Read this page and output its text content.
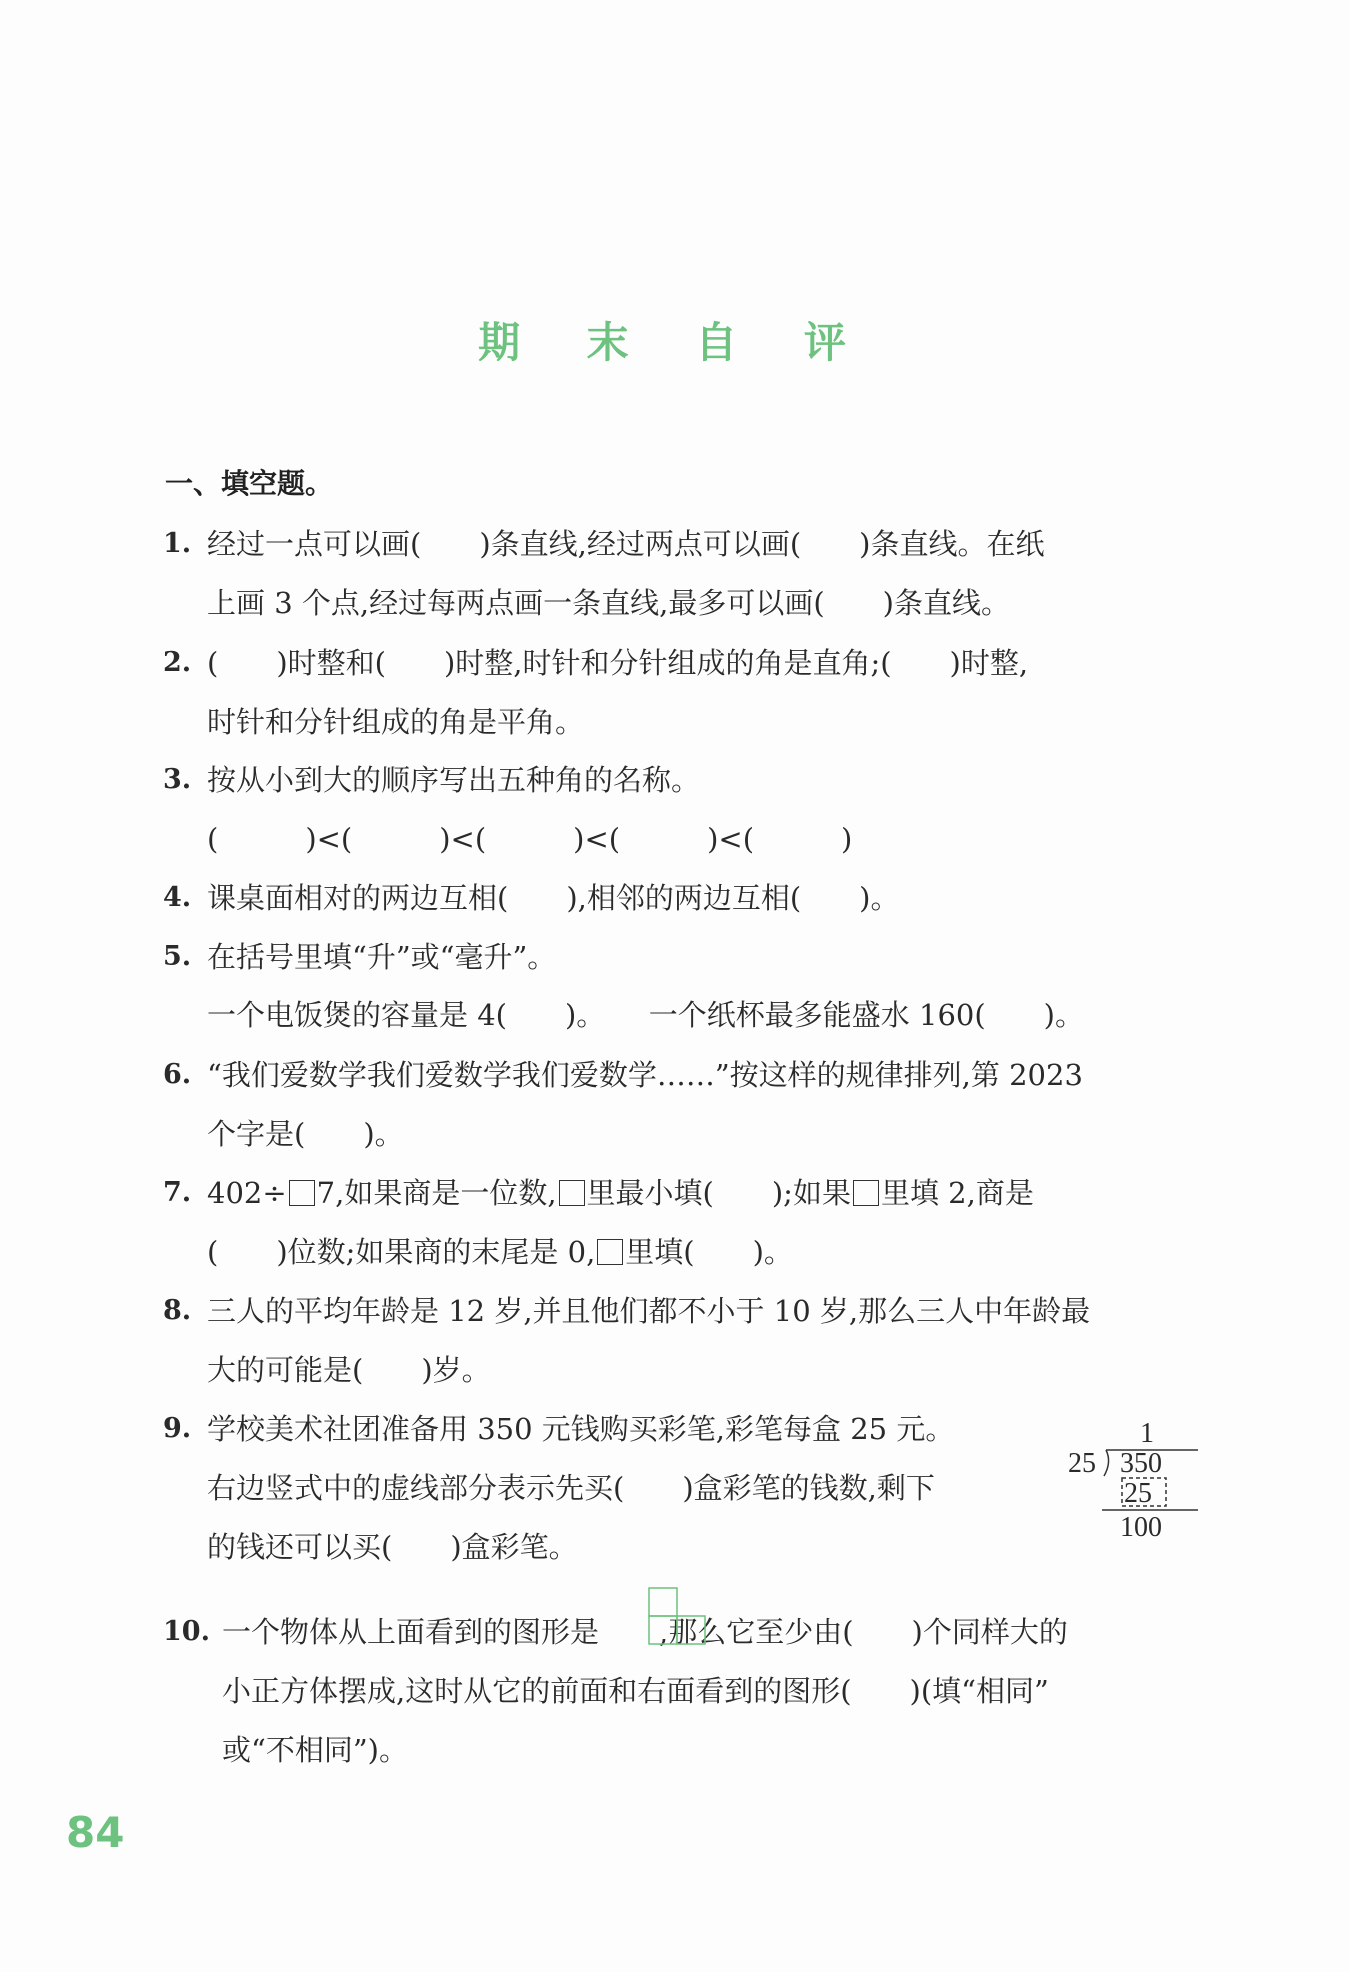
期 末 自 评
一、填空题。
1. 经过一点可以画(　　)条直线,经过两点可以画(　　)条直线。在纸
上画 3 个点,经过每两点画一条直线,最多可以画(　　)条直线。
2. (　　)时整和(　　)时整,时针和分针组成的角是直角;(　　)时整,
时针和分针组成的角是平角。
3. 按从小到大的顺序写出五种角的名称。
(　　　)<(　　　)<(　　　)<(　　　)<(　　　)
4. 课桌面相对的两边互相(　　),相邻的两边互相(　　)。
5. 在括号里填“升”或“毫升”。
一个电饭煲的容量是 4(　　)。　　一个纸杯最多能盛水 160(　　)。
6. “我们爱数学我们爱数学我们爱数学……”按这样的规律排列,第 2023
个字是(　　)。
7. 402÷ 7,如果商是一位数, 里最小填(　　);如果 里填 2,商是
(　　)位数;如果商的末尾是 0, 里填(　　)。
8. 三人的平均年龄是 12 岁,并且他们都不小于 10 岁,那么三人中年龄最
大的可能是(　　)岁。
9. 学校美术社团准备用 350 元钱购买彩笔,彩笔每盒 25 元。
右边竖式中的虚线部分表示先买(　　)盒彩笔的钱数,剩下
的钱还可以买(　　)盒彩笔。
1
25 350
25
100
10. 一个物体从上面看到的图形是 ,那么它至少由(　　)个同样大的
小正方体摆成,这时从它的前面和右面看到的图形(　　)(填“相同”
或“不相同”)。
84
